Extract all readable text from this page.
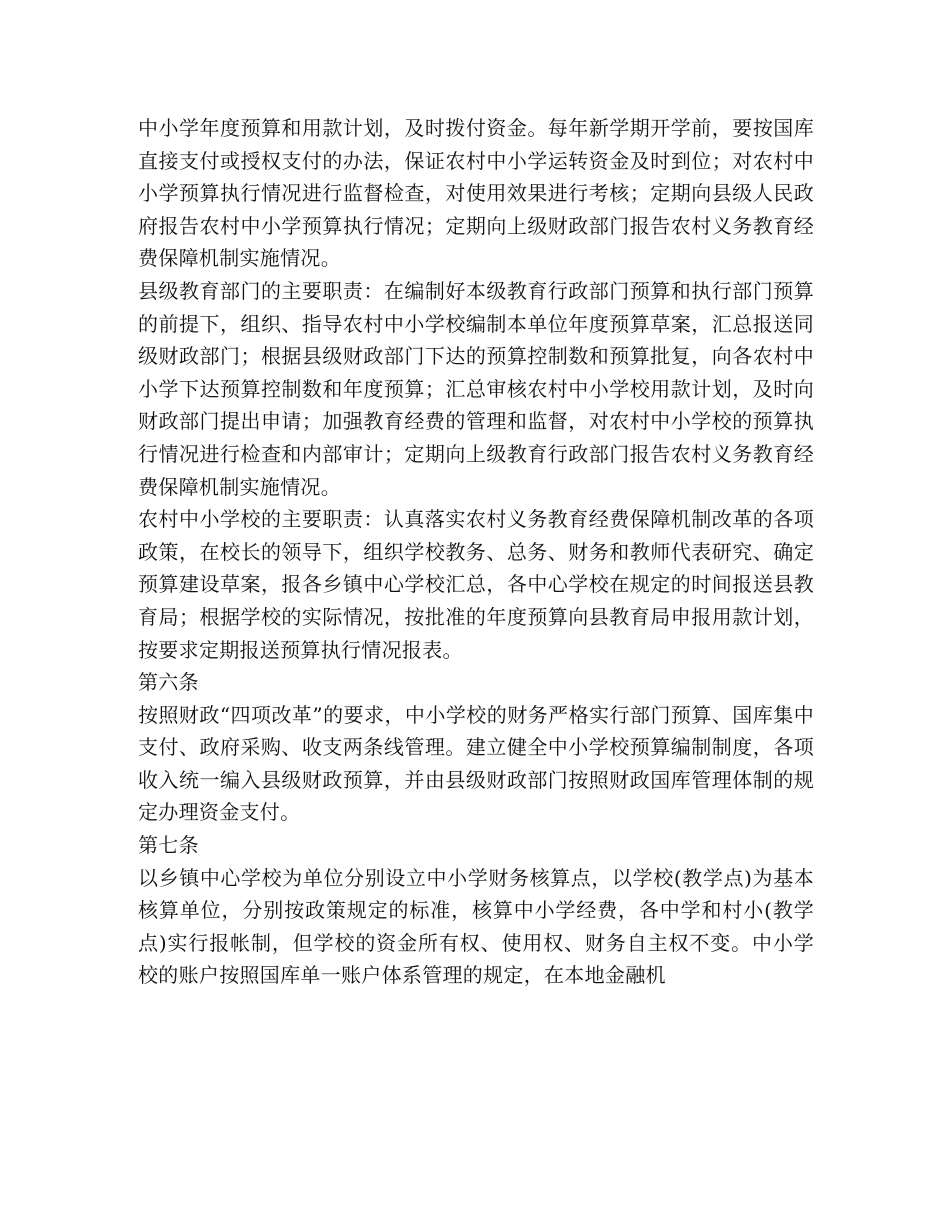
中小学年度预算和用款计划，及时拨付资金。每年新学期开学前，要按国库直接支付或授权支付的办法，保证农村中小学运转资金及时到位；对农村中小学预算执行情况进行监督检查，对使用效果进行考核；定期向县级人民政府报告农村中小学预算执行情况；定期向上级财政部门报告农村义务教育经费保障机制实施情况。

县级教育部门的主要职责：在编制好本级教育行政部门预算和执行部门预算的前提下，组织、指导农村中小学校编制本单位年度预算草案，汇总报送同级财政部门；根据县级财政部门下达的预算控制数和预算批复，向各农村中小学下达预算控制数和年度预算；汇总审核农村中小学校用款计划，及时向财政部门提出申请；加强教育经费的管理和监督，对农村中小学校的预算执行情况进行检查和内部审计；定期向上级教育行政部门报告农村义务教育经费保障机制实施情况。

农村中小学校的主要职责：认真落实农村义务教育经费保障机制改革的各项政策，在校长的领导下，组织学校教务、总务、财务和教师代表研究、确定预算建设草案，报各乡镇中心学校汇总，各中心学校在规定的时间报送县教育局；根据学校的实际情况，按批准的年度预算向县教育局申报用款计划，按要求定期报送预算执行情况报表。

第六条

按照财政“四项改革”的要求，中小学校的财务严格实行部门预算、国库集中支付、政府采购、收支两条线管理。建立健全中小学校预算编制制度，各项收入统一编入县级财政预算，并由县级财政部门按照财政国库管理体制的规定办理资金支付。

第七条

以乡镇中心学校为单位分别设立中小学财务核算点，以学校(教学点)为基本核算单位，分别按政策规定的标准，核算中小学经费，各中学和村小(教学点)实行报帐制，但学校的资金所有权、使用权、财务自主权不变。中小学校的账户按照国库单一账户体系管理的规定，在本地金融机
